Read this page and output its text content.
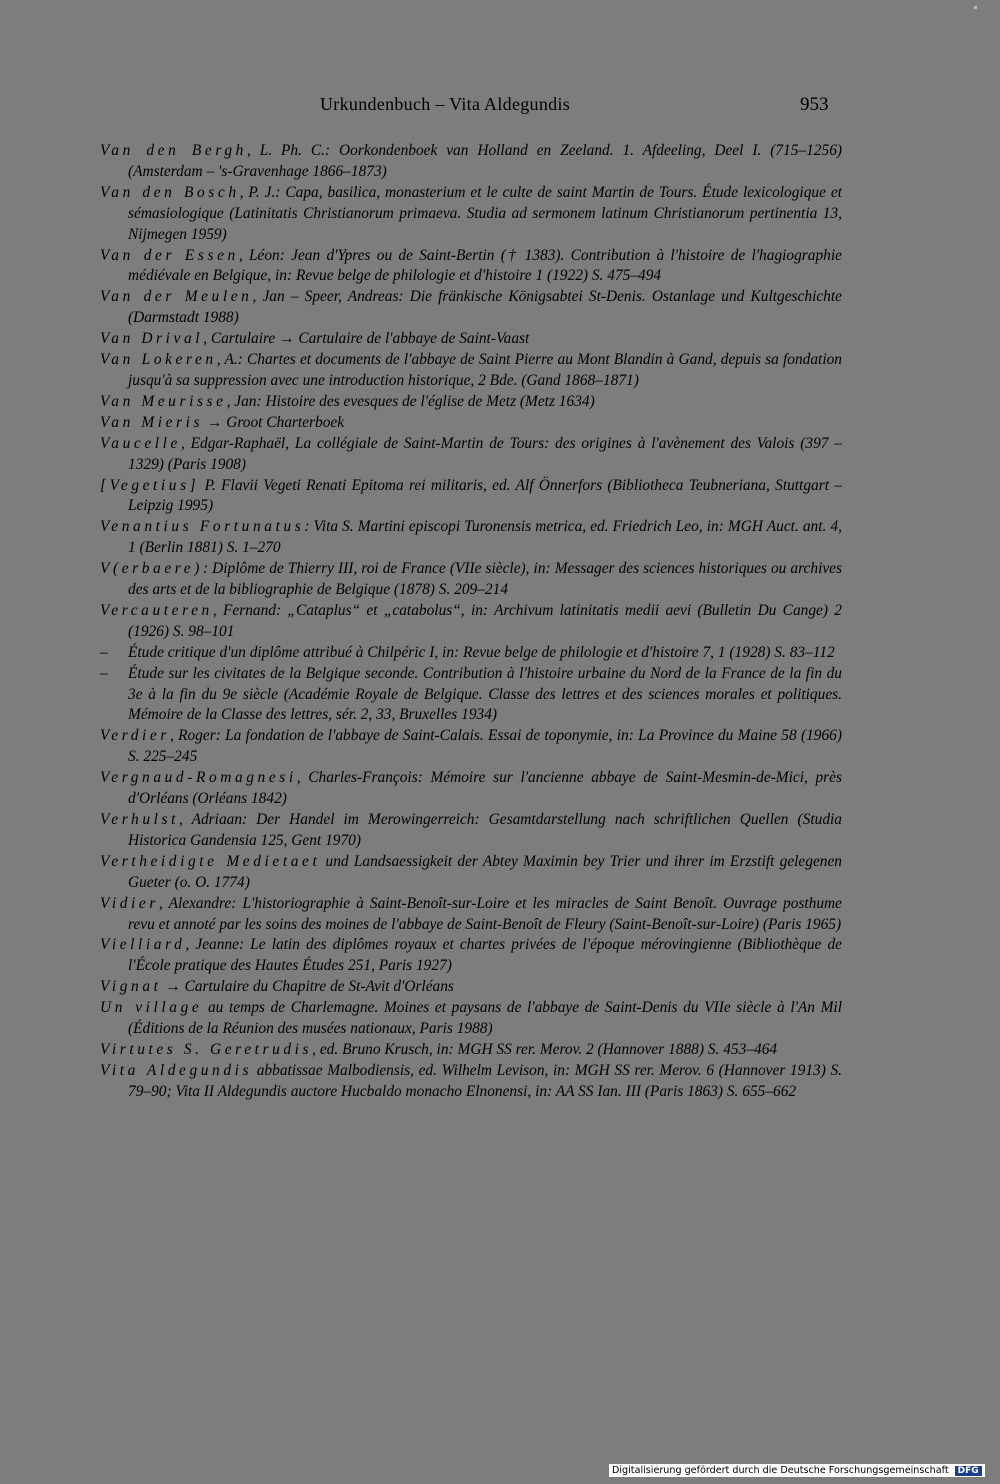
Urkundenbuch – Vita Aldegundis	953

Van den Bergh, L. Ph. C.: Oorkondenboek van Holland en Zeeland. 1. Afdeeling, Deel I. (715–1256) (Amsterdam – 's-Gravenhage 1866–1873)

Van den Bosch, P. J.: Capa, basilica, monasterium et le culte de saint Martin de Tours. Étude lexicologique et sémasiologique (Latinitatis Christianorum primaeva. Studia ad sermonem latinum Christianorum pertinentia 13, Nijmegen 1959)

Van der Essen, Léon: Jean d'Ypres ou de Saint-Bertin († 1383). Contribution à l'histoire de l'hagiographie médiévale en Belgique, in: Revue belge de philologie et d'histoire 1 (1922) S. 475–494

Van der Meulen, Jan – Speer, Andreas: Die fränkische Königsabtei St-Denis. Ostanlage und Kultgeschichte (Darmstadt 1988)

Van Drival, Cartulaire → Cartulaire de l'abbaye de Saint-Vaast

Van Lokeren, A.: Chartes et documents de l'abbaye de Saint Pierre au Mont Blandin à Gand, depuis sa fondation jusqu'à sa suppression avec une introduction historique, 2 Bde. (Gand 1868–1871)

Van Meurisse, Jan: Histoire des evesques de l'église de Metz (Metz 1634)

Van Mieris → Groot Charterboek

Vaucelle, Edgar-Raphaël, La collégiale de Saint-Martin de Tours: des origines à l'avènement des Valois (397 – 1329) (Paris 1908)

[Vegetius] P. Flavii Vegeti Renati Epitoma rei militaris, ed. Alf Önnerfors (Bibliotheca Teubneriana, Stuttgart – Leipzig 1995)

Venantius Fortunatus: Vita S. Martini episcopi Turonensis metrica, ed. Friedrich Leo, in: MGH Auct. ant. 4, 1 (Berlin 1881) S. 1–270

V(erbaere): Diplôme de Thierry III, roi de France (VIIe siècle), in: Messager des sciences historiques ou archives des arts et de la bibliographie de Belgique (1878) S. 209–214

Vercauteren, Fernand: „Cataplus“ et „catabolus“, in: Archivum latinitatis medii aevi (Bulletin Du Cange) 2 (1926) S. 98–101

– Étude critique d'un diplôme attribué à Chilpéric I, in: Revue belge de philologie et d'histoire 7, 1 (1928) S. 83–112

– Étude sur les civitates de la Belgique seconde. Contribution à l'histoire urbaine du Nord de la France de la fin du 3e à la fin du 9e siècle (Académie Royale de Belgique. Classe des lettres et des sciences morales et politiques. Mémoire de la Classe des lettres, sér. 2, 33, Bruxelles 1934)

Verdier, Roger: La fondation de l'abbaye de Saint-Calais. Essai de toponymie, in: La Province du Maine 58 (1966) S. 225–245

Vergnaud-Romagnesi, Charles-François: Mémoire sur l'ancienne abbaye de Saint-Mesmin-de-Mici, près d'Orléans (Orléans 1842)

Verhulst, Adriaan: Der Handel im Merowingerreich: Gesamtdarstellung nach schriftlichen Quellen (Studia Historica Gandensia 125, Gent 1970)

Vertheidigte Medietaet und Landsaessigkeit der Abtey Maximin bey Trier und ihrer im Erzstift gelegenen Gueter (o. O. 1774)

Vidier, Alexandre: L'historiographie à Saint-Benoît-sur-Loire et les miracles de Saint Benoît. Ouvrage posthume revu et annoté par les soins des moines de l'abbaye de Saint-Benoît de Fleury (Saint-Benoît-sur-Loire) (Paris 1965)

Vielliard, Jeanne: Le latin des diplômes royaux et chartes privées de l'époque mérovingienne (Bibliothèque de l'École pratique des Hautes Études 251, Paris 1927)

Vignat → Cartulaire du Chapitre de St-Avit d'Orléans

Un village au temps de Charlemagne. Moines et paysans de l'abbaye de Saint-Denis du VIIe siècle à l'An Mil (Éditions de la Réunion des musées nationaux, Paris 1988)

Virtutes S. Geretrudis, ed. Bruno Krusch, in: MGH SS rer. Merov. 2 (Hannover 1888) S. 453–464

Vita Aldegundis abbatissae Malbodiensis, ed. Wilhelm Levison, in: MGH SS rer. Merov. 6 (Hannover 1913) S. 79–90; Vita II Aldegundis auctore Hucbaldo monacho Elnonensi, in: AA SS Ian. III (Paris 1863) S. 655–662

Digitalisierung gefördert durch die Deutsche Forschungsgemeinschaft DFG
